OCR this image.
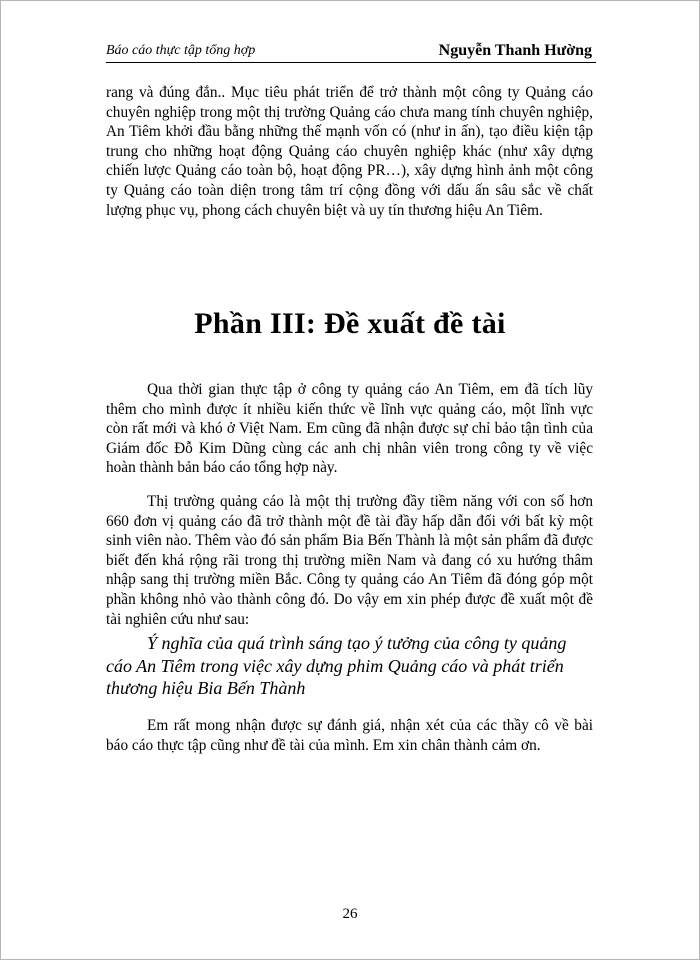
Báo cáo thực tập tổng hợp	Nguyễn Thanh Hường

rang và đúng đắn.. Mục tiêu phát triển để trở thành một công ty Quảng cáo chuyên nghiệp trong một thị trường Quảng cáo chưa mang tính chuyên nghiệp, An Tiêm khởi đầu bằng những thế mạnh vốn có (như in ấn), tạo điều kiện tập trung cho những hoạt động Quảng cáo chuyên nghiệp khác (như xây dựng chiến lược Quảng cáo toàn bộ, hoạt động PR…), xây dựng hình ảnh một công ty Quảng cáo toàn diện trong tâm trí cộng đồng với dấu ấn sâu sắc về chất lượng phục vụ, phong cách chuyên biệt và uy tín thương hiệu An Tiêm.

Phần III: Đề xuất đề tài

Qua thời gian thực tập ở công ty quảng cáo An Tiêm, em đã tích lũy thêm cho mình được ít nhiều kiến thức về lĩnh vực quảng cáo, một lĩnh vực còn rất mới và khó ở Việt Nam. Em cũng đã nhận được sự chỉ bảo tận tình của Giám đốc Đỗ Kim Dũng cùng các anh chị nhân viên trong công ty về việc hoàn thành bản báo cáo tổng hợp này.

Thị trường quảng cáo là một thị trường đầy tiềm năng với con số hơn 660 đơn vị quảng cáo đã trở thành một đề tài đầy hấp dẫn đối với bất kỳ một sinh viên nào. Thêm vào đó sản phẩm Bia Bến Thành là một sản phẩm đã được biết đến khá rộng rãi trong thị trường miền Nam và đang có xu hướng thâm nhập sang thị trường miền Bắc. Công ty quảng cáo An Tiêm đã đóng góp một phần không nhỏ vào thành công đó. Do vậy em xin phép được đề xuất một đề tài nghiên cứu như sau:

Ý nghĩa của quá trình sáng tạo ý tưởng của công ty quảng cáo An Tiêm trong việc xây dựng phim Quảng cáo và phát triển thương hiệu Bia Bến Thành

Em rất mong nhận được sự đánh giá, nhận xét của các thầy cô về bài báo cáo thực tập cũng như đề tài của mình. Em xin chân thành cảm ơn.

26
